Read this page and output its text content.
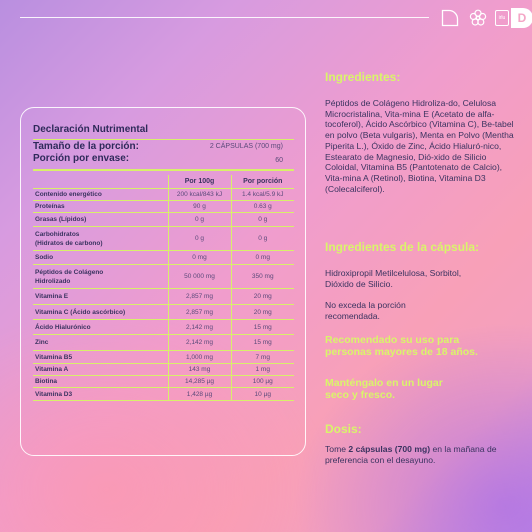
irlu D
Declaración Nutrimental
Tamaño de la porción:	2 CÁPSULAS (700 mg)
Porción por envase:	60
	Por 100g	Por porción
Contenido energético	200 kcal/843 kJ	1.4 kcal/5.9 kJ
Proteínas	90 g	0.63 g
Grasas (Lípidos)	0 g	0 g
Carbohidratos
(Hidratos de carbono)	0 g	0 g
Sodio	0 mg	0 mg
Péptidos de Colágeno
Hidrolizado	50 000 mg	350 mg
Vitamina E	2,857 mg	20 mg
Vitamina C (Ácido ascórbico)	2,857 mg	20 mg
Ácido Hialurónico	2,142 mg	15 mg
Zinc	2,142 mg	15 mg
Vitamina B5	1,000 mg	7 mg
Vitamina A	143 mg	1 mg
Biotina	14,285 µg	100 µg
Vitamina D3	1,428 µg	10 µg
Ingredientes:
Péptidos de Colágeno Hidroliza-do, Celulosa Microcristalina, Vita-mina E (Acetato de alfa-tocoferol), Ácido Ascórbico (Vitamina C), Be-tabel en polvo (Beta vulgaris), Menta en Polvo (Mentha Piperita L.), Óxido de Zinc, Ácido Hialuró-nico, Estearato de Magnesio, Dió-xido de Silicio Coloidal, Vitamina B5 (Pantotenato de Calcio), Vita-mina A (Retinol), Biotina, Vitamina D3 (Colecalciferol).
Ingredientes de la cápsula:
Hidroxipropil Metilcelulosa, Sorbitol, Dióxido de Silicio.
No exceda la porción recomendada.
Recomendado su uso para personas mayores de 18 años.
Manténgalo en un lugar seco y fresco.
Dosis:
Tome 2 cápsulas (700 mg) en la mañana de preferencia con el desayuno.
